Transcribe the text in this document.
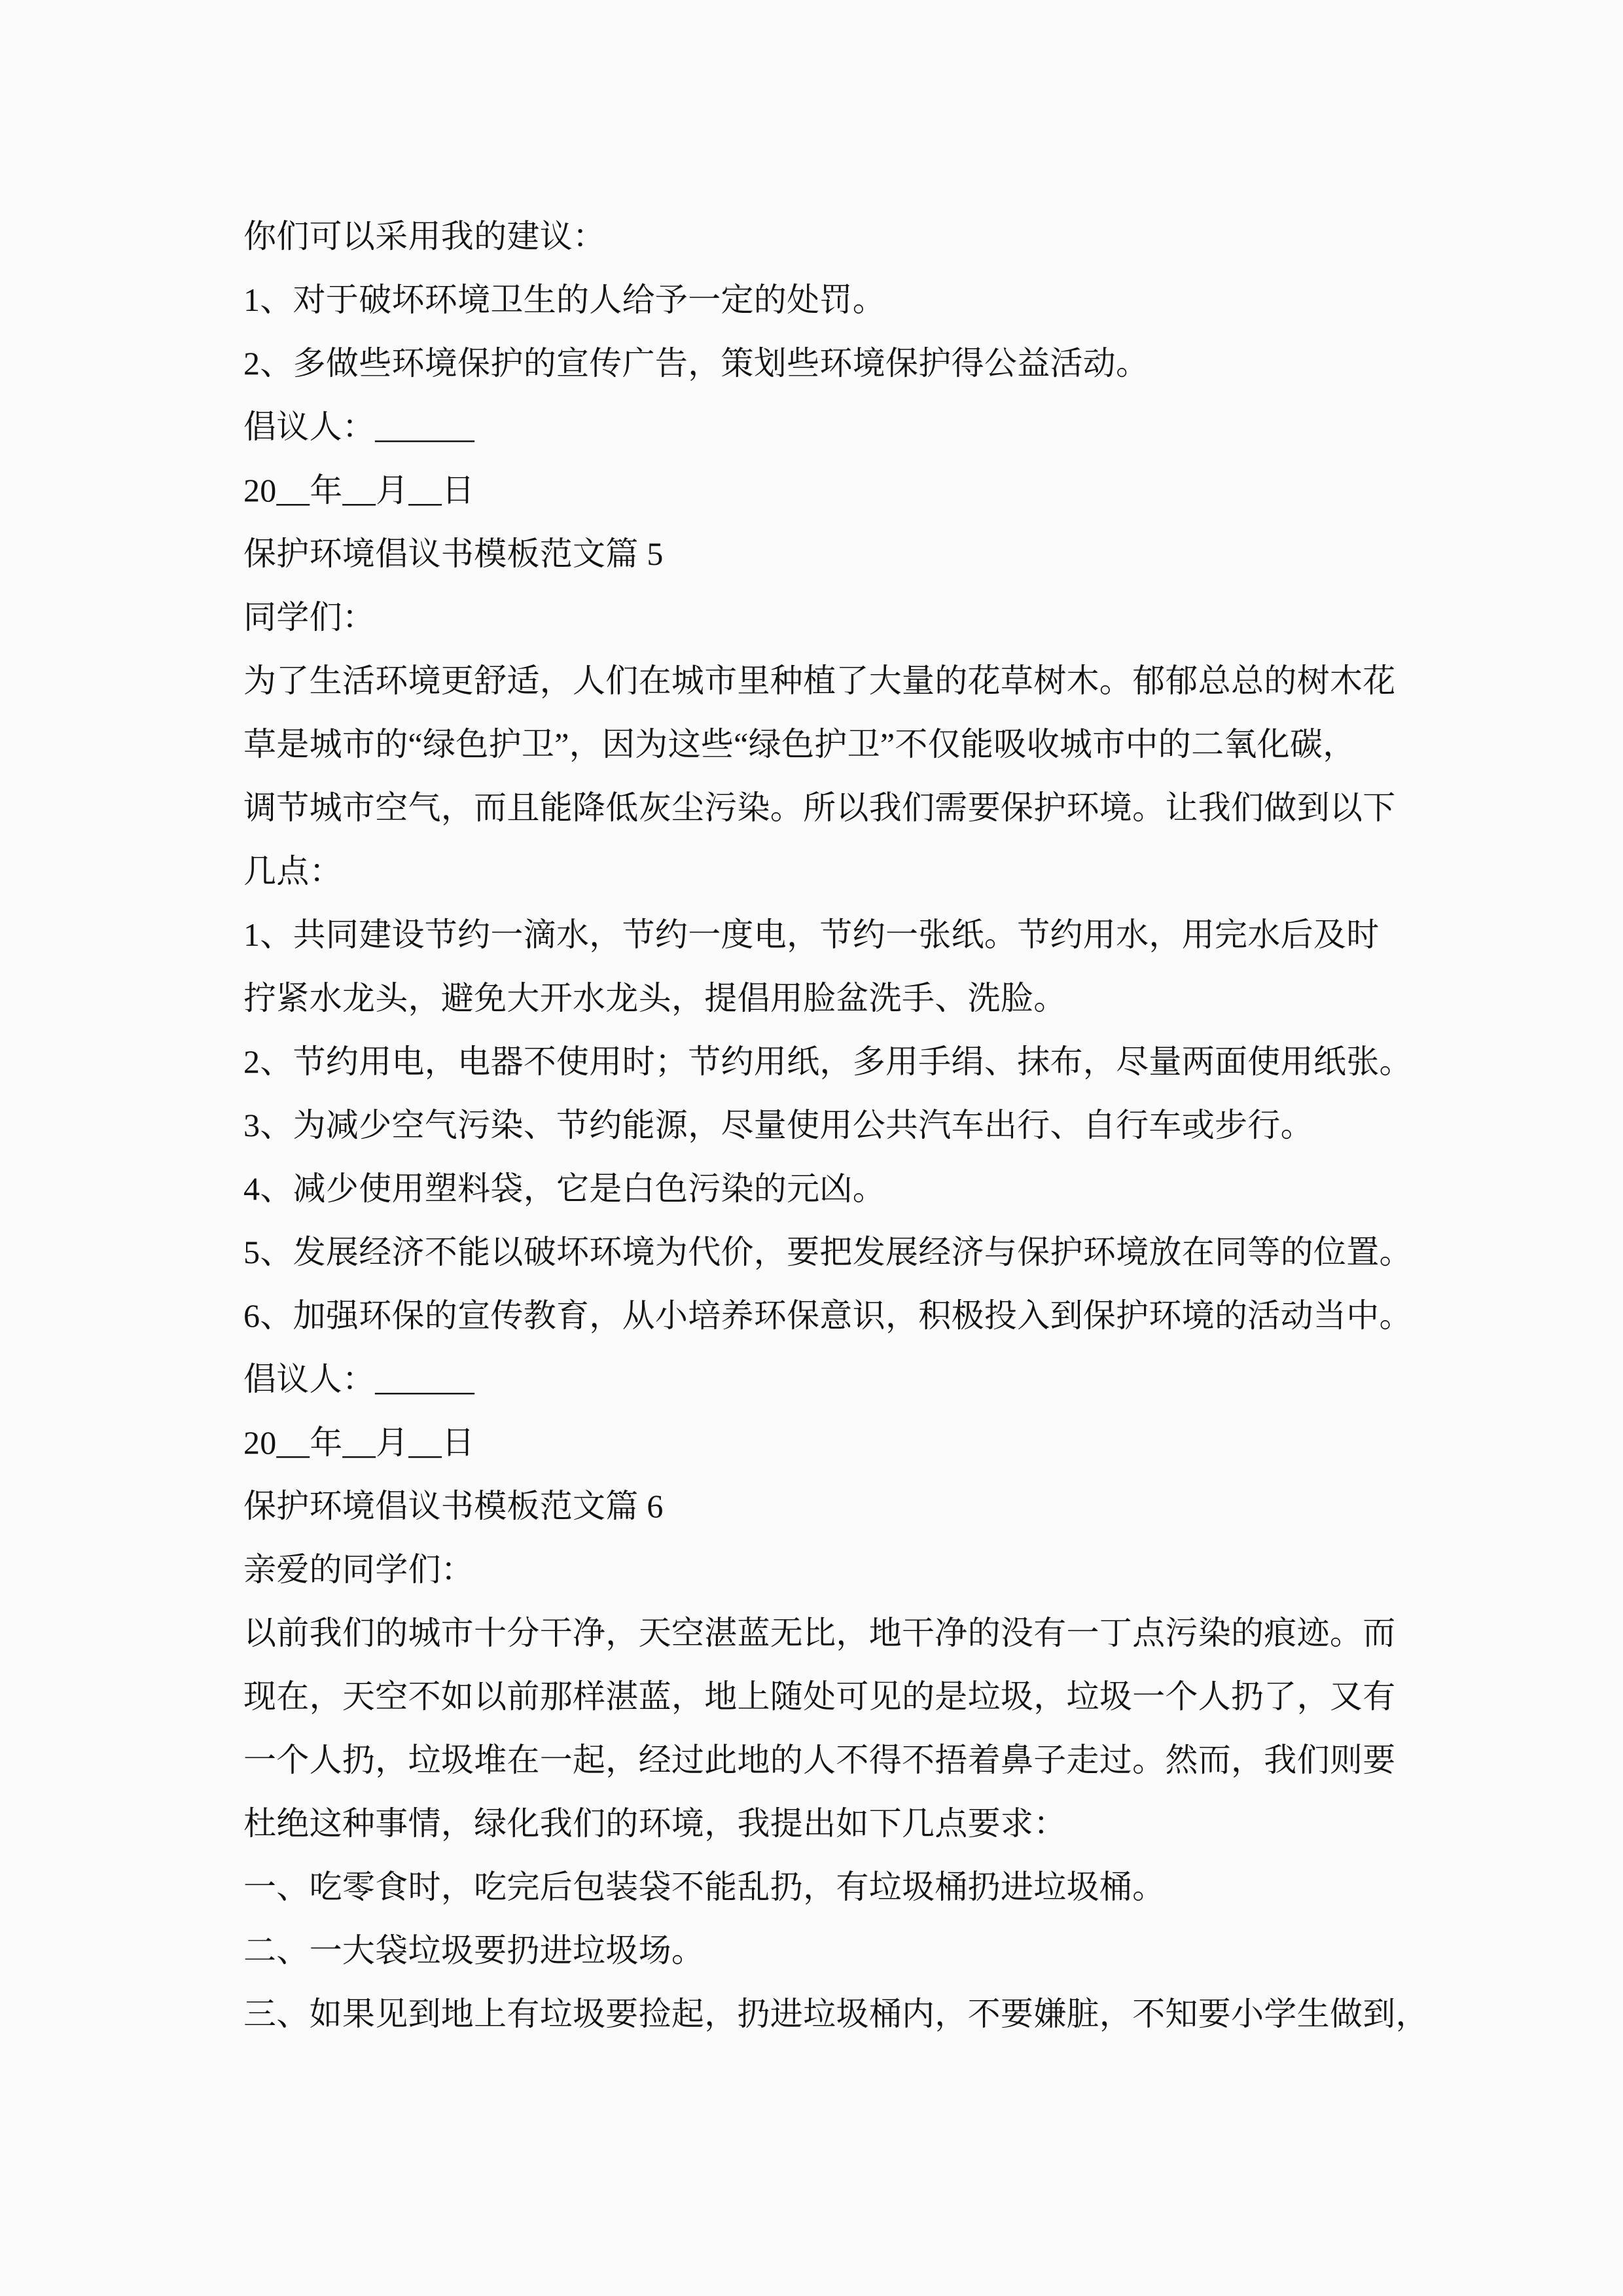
你们可以采用我的建议：

1、对于破坏环境卫生的人给予一定的处罚。

2、多做些环境保护的宣传广告，策划些环境保护得公益活动。

倡议人：______

20__年__月__日

保护环境倡议书模板范文篇 5

同学们：

为了生活环境更舒适，人们在城市里种植了大量的花草树木。郁郁总总的树木花

草是城市的“绿色护卫”，因为这些“绿色护卫”不仅能吸收城市中的二氧化碳，

调节城市空气，而且能降低灰尘污染。所以我们需要保护环境。让我们做到以下

几点：

1、共同建设节约一滴水，节约一度电，节约一张纸。节约用水，用完水后及时

拧紧水龙头，避免大开水龙头，提倡用脸盆洗手、洗脸。

2、节约用电，电器不使用时；节约用纸，多用手绢、抹布，尽量两面使用纸张。

3、为减少空气污染、节约能源，尽量使用公共汽车出行、自行车或步行。

4、减少使用塑料袋，它是白色污染的元凶。

5、发展经济不能以破坏环境为代价，要把发展经济与保护环境放在同等的位置。

6、加强环保的宣传教育，从小培养环保意识，积极投入到保护环境的活动当中。

倡议人：______

20__年__月__日

保护环境倡议书模板范文篇 6

亲爱的同学们：

以前我们的城市十分干净，天空湛蓝无比，地干净的没有一丁点污染的痕迹。而

现在，天空不如以前那样湛蓝，地上随处可见的是垃圾，垃圾一个人扔了，又有

一个人扔，垃圾堆在一起，经过此地的人不得不捂着鼻子走过。然而，我们则要

杜绝这种事情，绿化我们的环境，我提出如下几点要求：

一、吃零食时，吃完后包装袋不能乱扔，有垃圾桶扔进垃圾桶。

二、一大袋垃圾要扔进垃圾场。

三、如果见到地上有垃圾要捡起，扔进垃圾桶内，不要嫌脏，不知要小学生做到，
